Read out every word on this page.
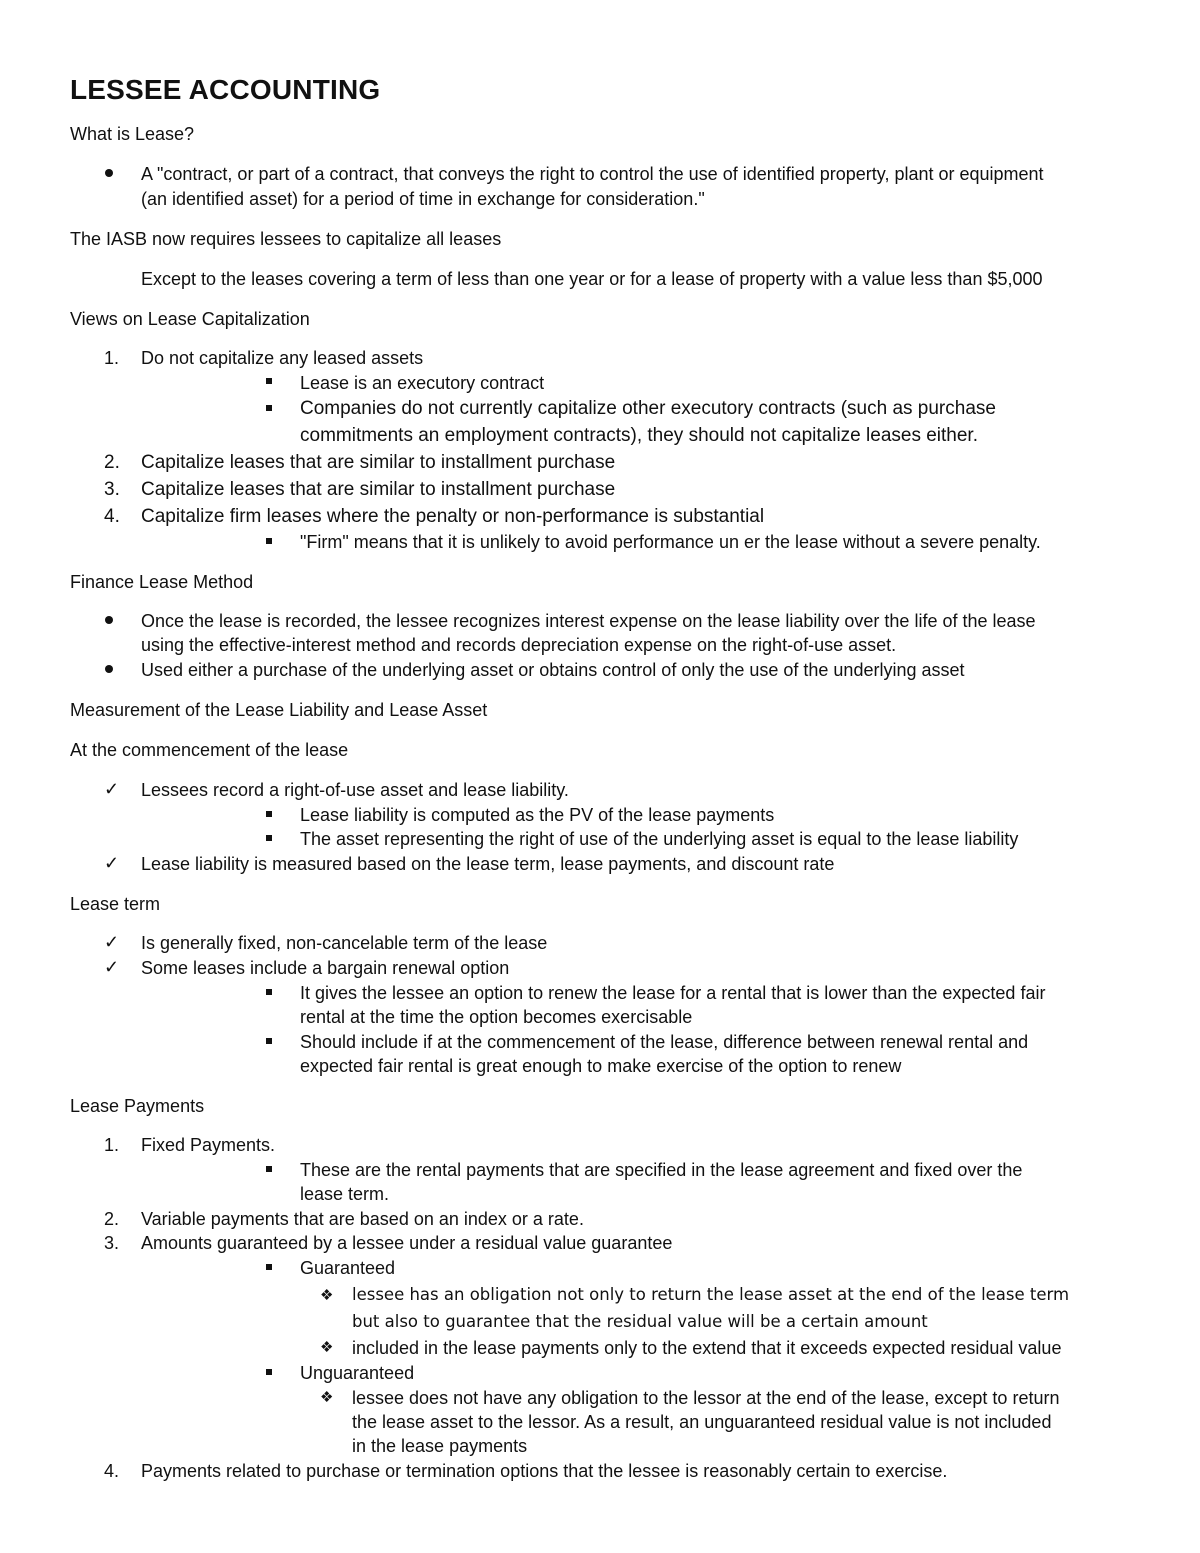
LESSEE ACCOUNTING
What is Lease?
A "contract, or part of a contract, that conveys the right to control the use of identified property, plant or equipment
(an identified asset) for a period of time in exchange for consideration."
The IASB now requires lessees to capitalize all leases
Except to the leases covering a term of less than one year or for a lease of property with a value less than $5,000
Views on Lease Capitalization
1. Do not capitalize any leased assets
Lease is an executory contract
Companies do not currently capitalize other executory contracts (such as purchase
commitments an employment contracts), they should not capitalize leases either.
2. Capitalize leases that are similar to installment purchase
3. Capitalize leases that are similar to installment purchase
4. Capitalize firm leases where the penalty or non-performance is substantial
"Firm" means that it is unlikely to avoid performance un er the lease without a severe penalty.
Finance Lease Method
Once the lease is recorded, the lessee recognizes interest expense on the lease liability over the life of the lease
using the effective-interest method and records depreciation expense on the right-of-use asset.
Used either a purchase of the underlying asset or obtains control of only the use of the underlying asset
Measurement of the Lease Liability and Lease Asset
At the commencement of the lease
✓ Lessees record a right-of-use asset and lease liability.
Lease liability is computed as the PV of the lease payments
The asset representing the right of use of the underlying asset is equal to the lease liability
✓ Lease liability is measured based on the lease term, lease payments, and discount rate
Lease term
✓ Is generally fixed, non-cancelable term of the lease
✓ Some leases include a bargain renewal option
It gives the lessee an option to renew the lease for a rental that is lower than the expected fair
rental at the time the option becomes exercisable
Should include if at the commencement of the lease, difference between renewal rental and
expected fair rental is great enough to make exercise of the option to renew
Lease Payments
1. Fixed Payments.
These are the rental payments that are specified in the lease agreement and fixed over the
lease term.
2. Variable payments that are based on an index or a rate.
3. Amounts guaranteed by a lessee under a residual value guarantee
Guaranteed
❖ lessee has an obligation not only to return the lease asset at the end of the lease term
but also to guarantee that the residual value will be a certain amount
❖ included in the lease payments only to the extend that it exceeds expected residual value
Unguaranteed
❖ lessee does not have any obligation to the lessor at the end of the lease, except to return
the lease asset to the lessor. As a result, an unguaranteed residual value is not included
in the lease payments
4. Payments related to purchase or termination options that the lessee is reasonably certain to exercise.
